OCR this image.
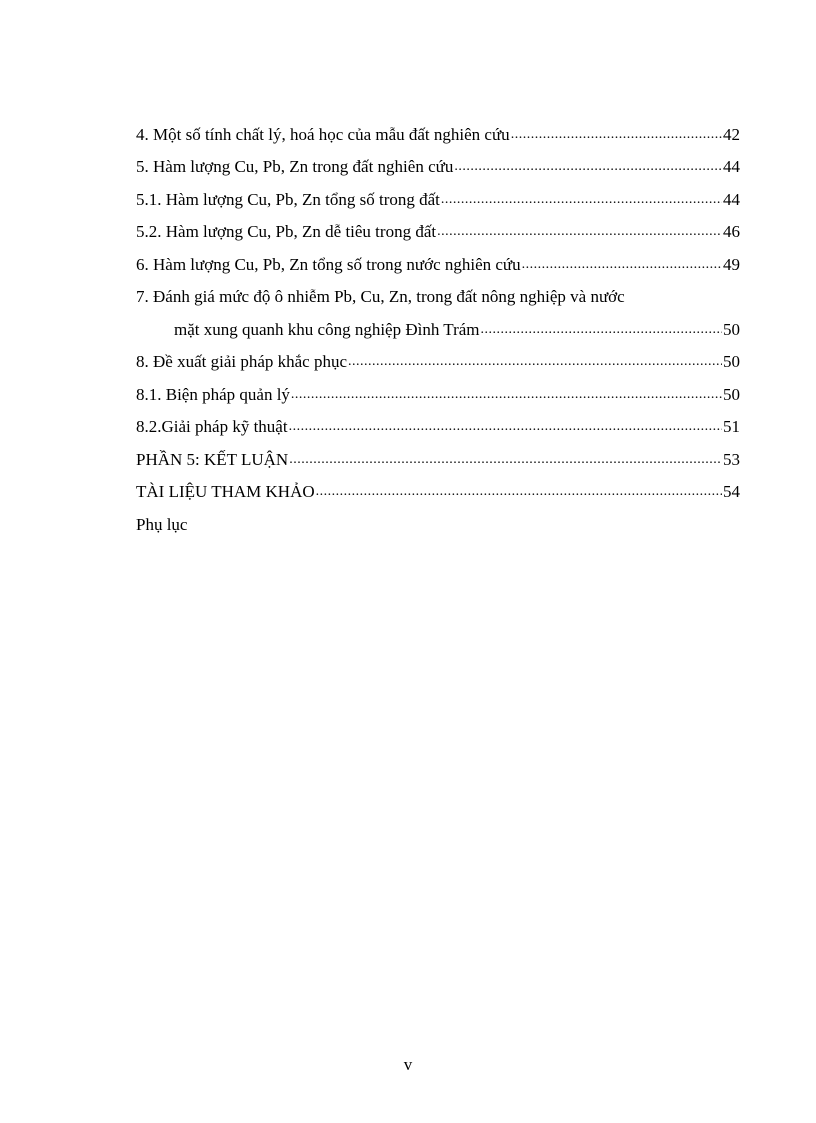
4. Một số tính chất lý, hoá học của mẫu đất nghiên cứu .....	42
5. Hàm lượng Cu, Pb, Zn trong đất nghiên cứu .....	44
5.1. Hàm lượng Cu, Pb, Zn tổng số trong đất .....	44
5.2. Hàm lượng Cu, Pb, Zn dễ tiêu trong đất .....	46
6. Hàm lượng Cu, Pb, Zn tổng số trong nước nghiên cứu .....	49
7. Đánh giá mức độ ô nhiễm Pb, Cu, Zn, trong đất nông nghiệp và nước
mặt xung quanh khu công nghiệp Đình Trám .....	50
8. Đề xuất giải pháp khắc phục .....	50
8.1. Biện pháp quản lý .....	50
8.2.Giải pháp kỹ thuật .....	51
PHẦN 5: KẾT LUẬN .....	53
TÀI LIỆU THAM KHẢO .....	54
Phụ lục
v
